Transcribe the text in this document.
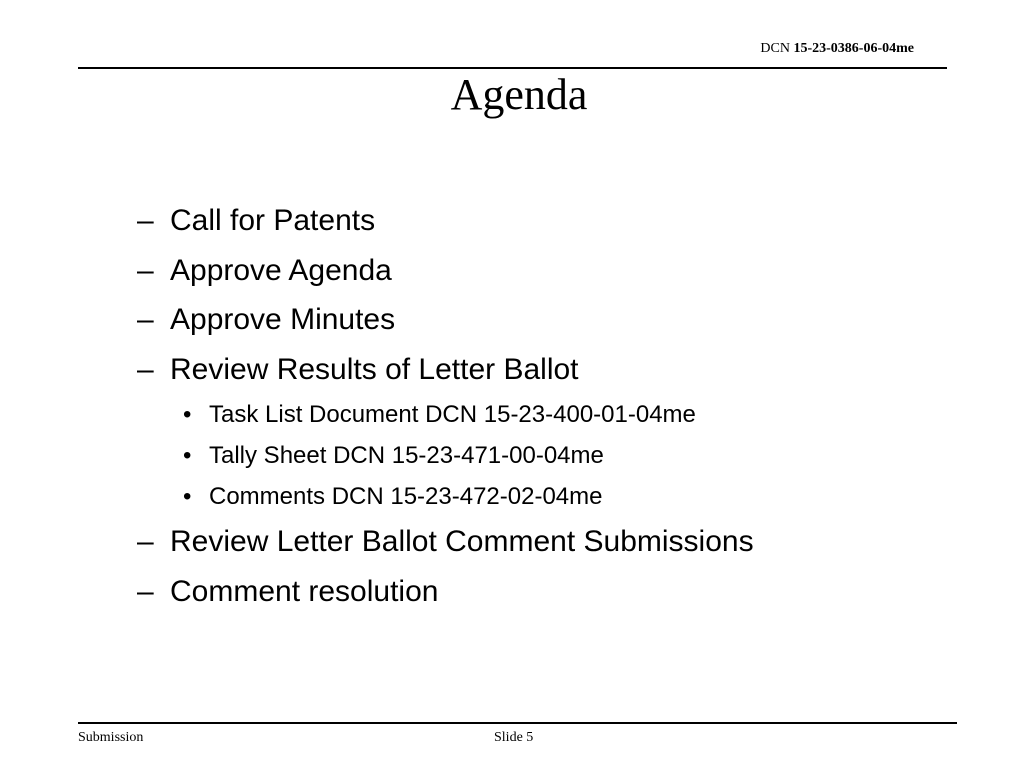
DCN 15-23-0386-06-04me
Agenda
– Call for Patents
– Approve Agenda
– Approve Minutes
– Review Results of Letter Ballot
• Task List Document DCN 15-23-400-01-04me
• Tally Sheet DCN 15-23-471-00-04me
• Comments DCN 15-23-472-02-04me
– Review Letter Ballot Comment Submissions
– Comment resolution
Submission	Slide 5
